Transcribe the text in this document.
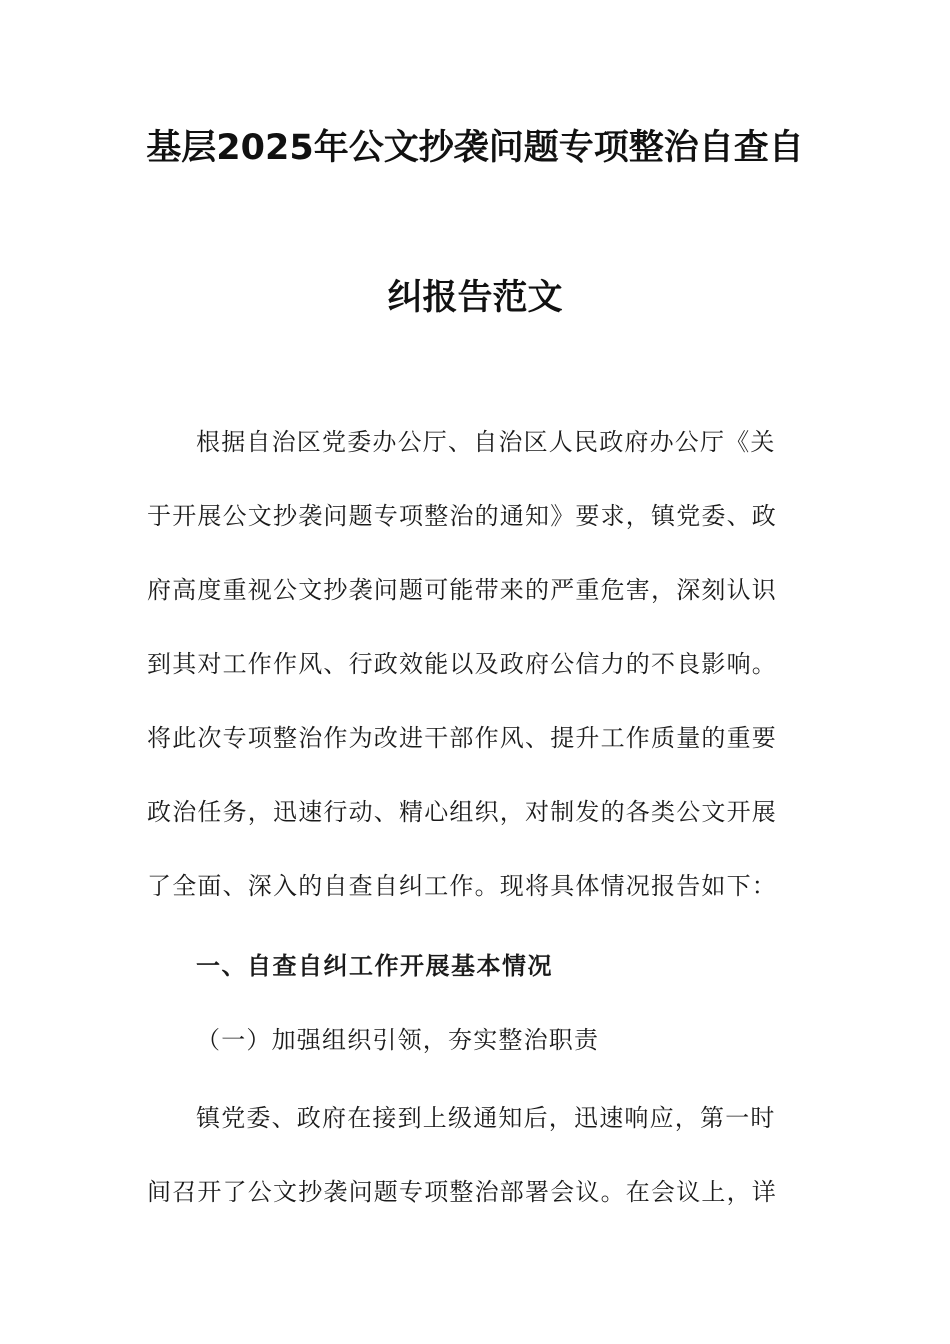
基层2025年公文抄袭问题专项整治自查自
纠报告范文
根据自治区党委办公厅、自治区人民政府办公厅《关
于开展公文抄袭问题专项整治的通知》要求，镇党委、政
府高度重视公文抄袭问题可能带来的严重危害，深刻认识
到其对工作作风、行政效能以及政府公信力的不良影响。
将此次专项整治作为改进干部作风、提升工作质量的重要
政治任务，迅速行动、精心组织，对制发的各类公文开展
了全面、深入的自查自纠工作。现将具体情况报告如下：
一、自查自纠工作开展基本情况
（一）加强组织引领，夯实整治职责
镇党委、政府在接到上级通知后，迅速响应，第一时
间召开了公文抄袭问题专项整治部署会议。在会议上，详
